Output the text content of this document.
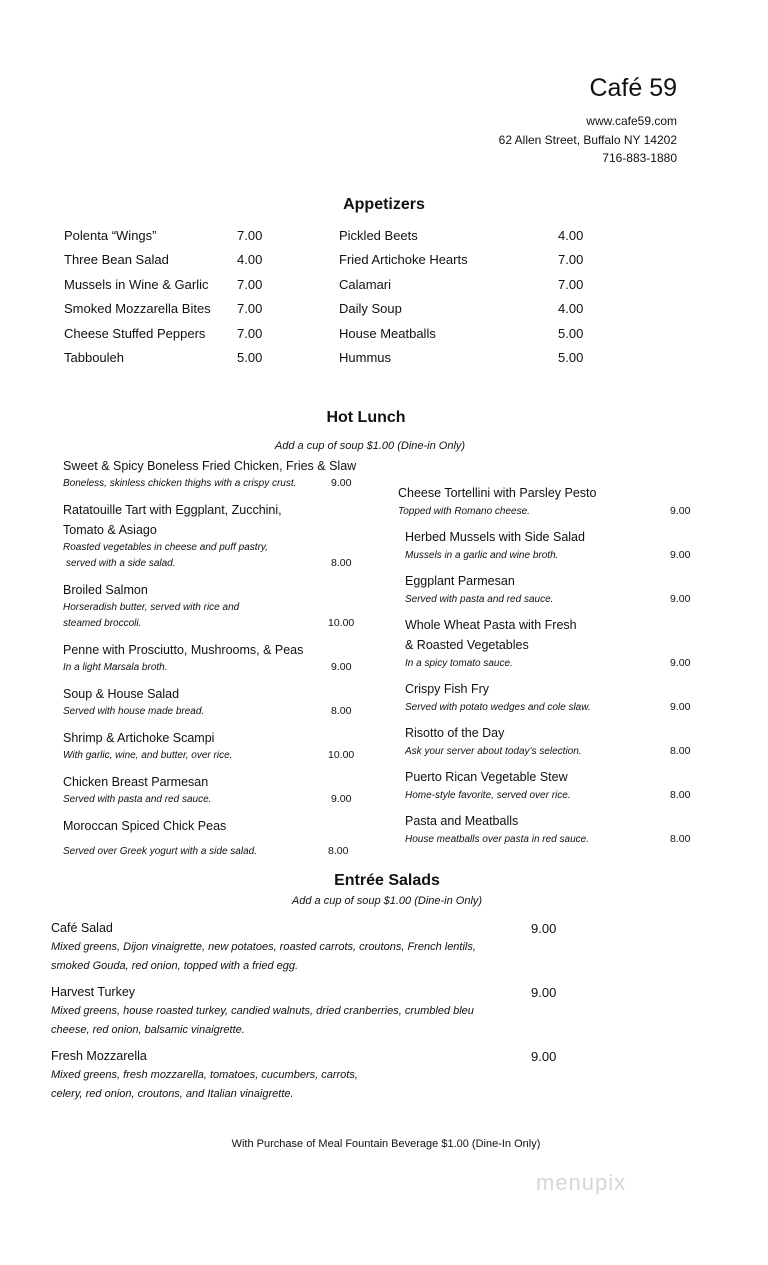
Café 59
www.cafe59.com
62 Allen Street, Buffalo NY 14202
716-883-1880
Appetizers
Polenta “Wings”	7.00
Three Bean Salad	4.00
Mussels in Wine & Garlic 7.00
Smoked Mozzarella Bites 7.00
Cheese Stuffed Peppers 7.00
Tabbouleh	5.00
Pickled Beets	4.00
Fried Artichoke Hearts	7.00
Calamari	7.00
Daily Soup	4.00
House Meatballs	5.00
Hummus	5.00
Hot Lunch
Add a cup of soup $1.00 (Dine-in Only)
Sweet & Spicy Boneless Fried Chicken, Fries & Slaw
Boneless, skinless chicken thighs with a crispy crust.	9.00
Ratatouille Tart with Eggplant, Zucchini,
Tomato & Asiago
Roasted vegetables in cheese and puff pastry,
served with a side salad.	8.00
Broiled Salmon
Horseradish butter, served with rice and
steamed broccoli.	10.00
Penne with Prosciutto, Mushrooms, & Peas
In a light Marsala broth.	9.00
Soup & House Salad
Served with house made bread.	8.00
Shrimp & Artichoke Scampi
With garlic, wine, and butter, over rice.	10.00
Chicken Breast Parmesan
Served with pasta and red sauce.	9.00
Moroccan Spiced Chick Peas
Served over Greek yogurt with a side salad.	8.00
Cheese Tortellini with Parsley Pesto
Topped with Romano cheese.	9.00
Herbed Mussels with Side Salad
Mussels in a garlic and wine broth.	9.00
Eggplant Parmesan
Served with pasta and red sauce.	9.00
Whole Wheat Pasta with Fresh
& Roasted Vegetables
In a spicy tomato sauce.	9.00
Crispy Fish Fry
Served with potato wedges and cole slaw.	9.00
Risotto of the Day
Ask your server about today’s selection.	8.00
Puerto Rican Vegetable Stew
Home-style favorite, served over rice.	8.00
Pasta and Meatballs
House meatballs over pasta in red sauce.	8.00
Entrée Salads
Add a cup of soup $1.00 (Dine-in Only)
Café Salad	9.00
Mixed greens, Dijon vinaigrette, new potatoes, roasted carrots, croutons, French lentils,
smoked Gouda, red onion, topped with a fried egg.
Harvest Turkey	9.00
Mixed greens, house roasted turkey, candied walnuts, dried cranberries, crumbled bleu
cheese, red onion, balsamic vinaigrette.
Fresh Mozzarella	9.00
Mixed greens, fresh mozzarella, tomatoes, cucumbers, carrots,
celery, red onion, croutons, and Italian vinaigrette.
With Purchase of Meal Fountain Beverage $1.00 (Dine-In Only)
menupix
